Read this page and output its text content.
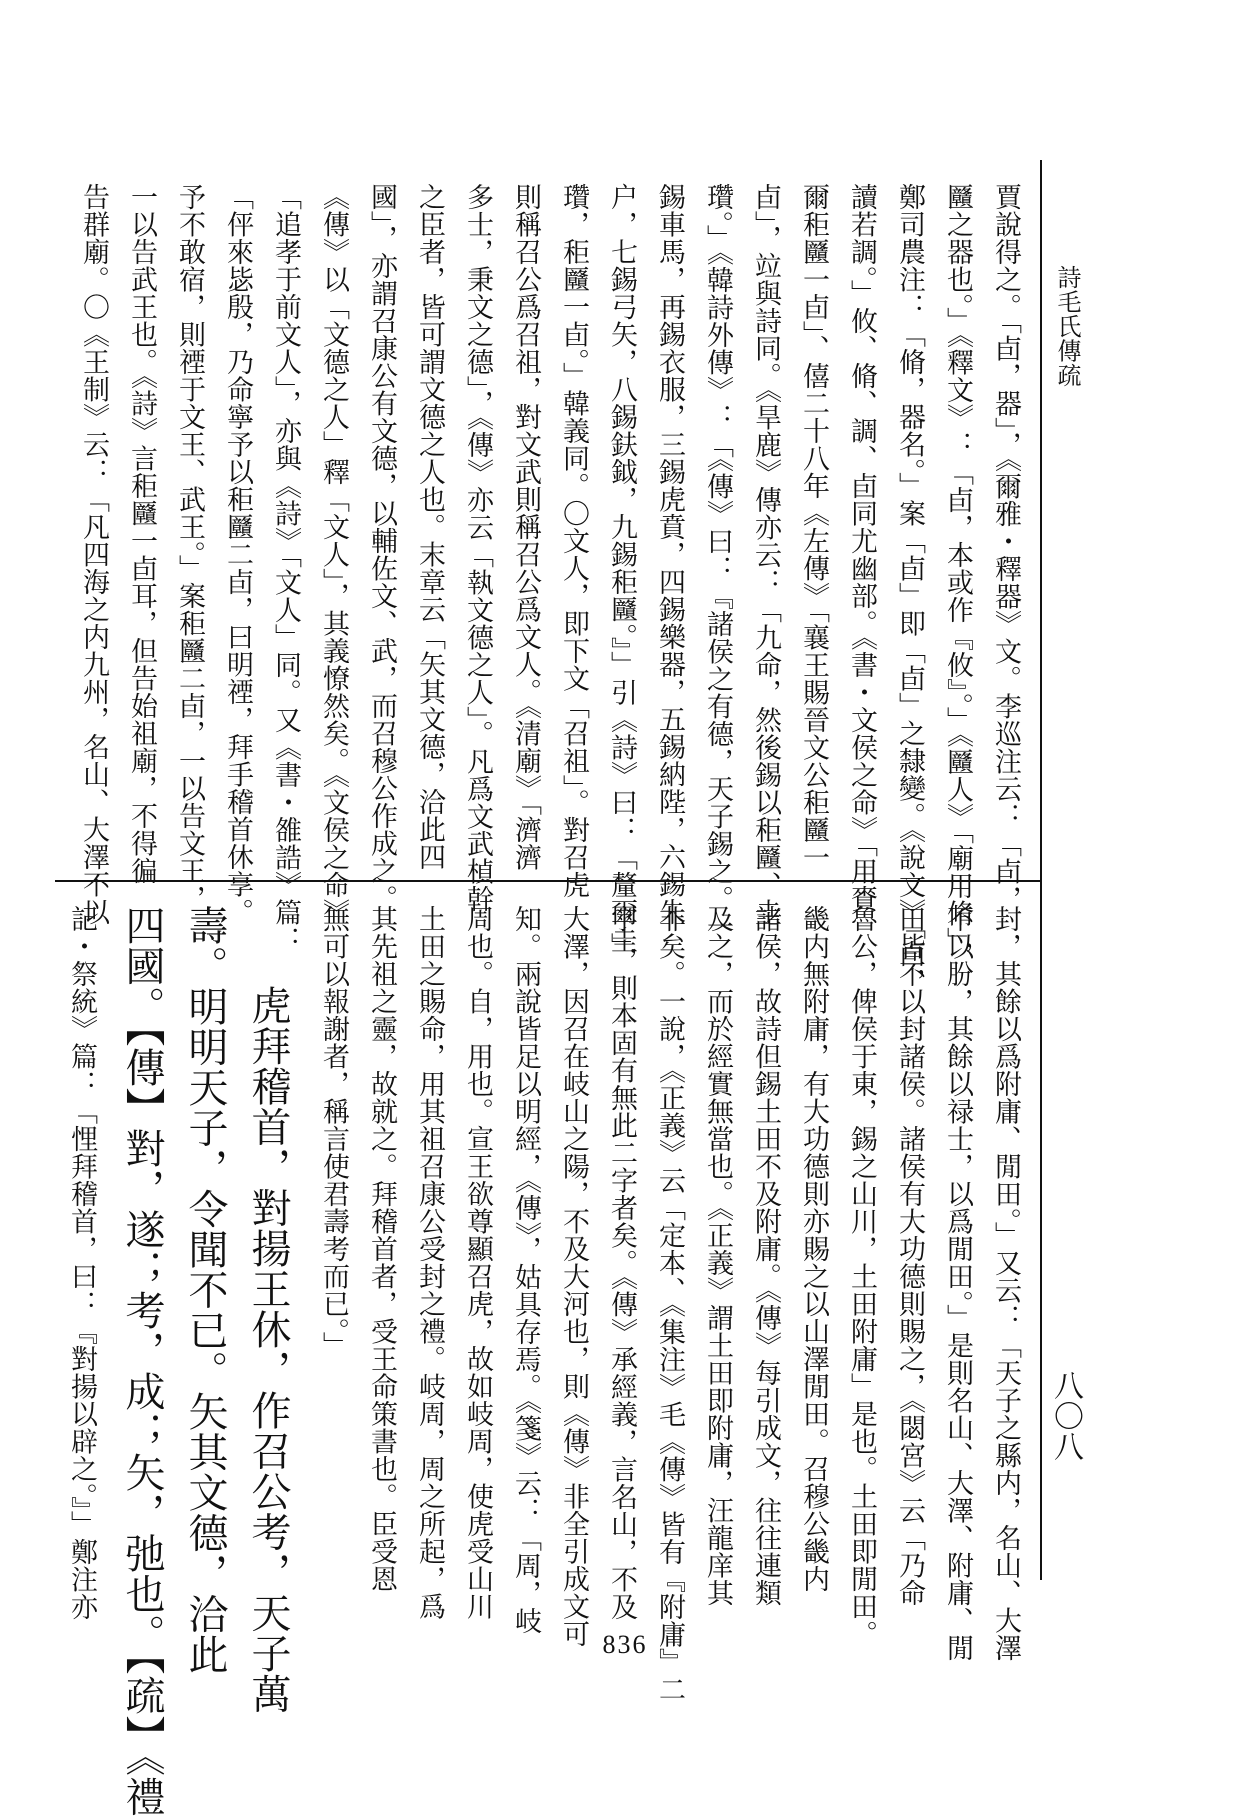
詩毛氏傳疏
八〇八
賈說得之。「卣，器」，《爾雅・釋器》文。李巡注云：「卣，
㔶之器也。」《釋文》：「卣，本或作『攸』。」《㔶人》「廟用脩」，
鄭司農注：「脩，器名。」案「卣」即「卣」之隸變。《說文》「卣，
讀若調。」攸、脩、調、卣同尤幽部。《書・文侯之命》「用賚
爾秬㔶一卣」、僖二十八年《左傳》「襄王賜晉文公秬㔶一
卣」，竝與詩同。《旱鹿》傳亦云：「九命，然後錫以秬㔶、圭
瓚。」《韓詩外傳》：「《傳》曰：『諸侯之有德，天子錫之。一
錫車馬，再錫衣服，三錫虎賁，四錫樂器，五錫納陛，六錫朱
户，七錫弓矢，八錫鈇鉞，九錫秬㔶。』」引《詩》曰：「釐爾圭
瓚，秬㔶一卣。」韓義同。〇文人，即下文「召祖」。對召虎
則稱召公爲召祖，對文武則稱召公爲文人。《清廟》「濟濟
多士，秉文之德」，《傳》亦云「執文德之人」。凡爲文武楨幹
之臣者，皆可謂文德之人也。末章云「矢其文德，洽此四
國」，亦謂召康公有文德，以輔佐文、武，而召穆公作成之。
《傳》以「文德之人」釋「文人」，其義憭然矣。《文侯之命》
「追孝于前文人」，亦與《詩》「文人」同。又《書・雒誥》篇：
「伻來毖殷，乃命寧予以秬㔶二卣，曰明禋，拜手稽首休享。
予不敢宿，則禋于文王、武王。」案秬㔶二卣，一以告文王，
一以告武王也。《詩》言秬㔶一卣耳，但告始祖廟，不得徧
告群廟。〇《王制》云：「凡四海之内九州，名山、大澤不以
封，其餘以爲附庸、閒田。」又云：「天子之縣内，名山、大澤
不以朌，其餘以禄士，以爲閒田。」是則名山、大澤、附庸、閒
田皆不以封諸侯。諸侯有大功德則賜之，《閟宮》云「乃命
魯公，俾侯于東，錫之山川，土田附庸」是也。土田即閒田。
畿内無附庸，有大功德則亦賜之以山澤閒田。召穆公畿内
諸侯，故詩但錫土田不及附庸。《傳》每引成文，往往連類
及之，而於經實無當也。《正義》謂土田即附庸，汪龍庠其
非矣。一說，《正義》云「定本、《集注》毛《傳》皆有『附庸』二
字」，則本固有無此二字者矣。《傳》承經義，言名山，不及
大澤，因召在岐山之陽，不及大河也，則《傳》非全引成文可
知。兩說皆足以明經，《傳》，姑具存焉。《箋》云：「周，岐
周也。自，用也。宣王欲尊顯召虎，故如岐周，使虎受山川
土田之賜命，用其祖召康公受封之禮。岐周，周之所起，爲
其先祖之靈，故就之。拜稽首者，受王命策書也。臣受恩
無可以報謝者，稱言使君壽考而已。」
虎拜稽首，對揚王休，作召公考，天子萬
壽。明明天子，令聞不已。矢其文德，洽此
四國。【傳】對，遂；考，成；矢，弛也。【疏】《禮
記・祭統》篇：「悝拜稽首，曰：『對揚以辟之。』」鄭注亦
836
